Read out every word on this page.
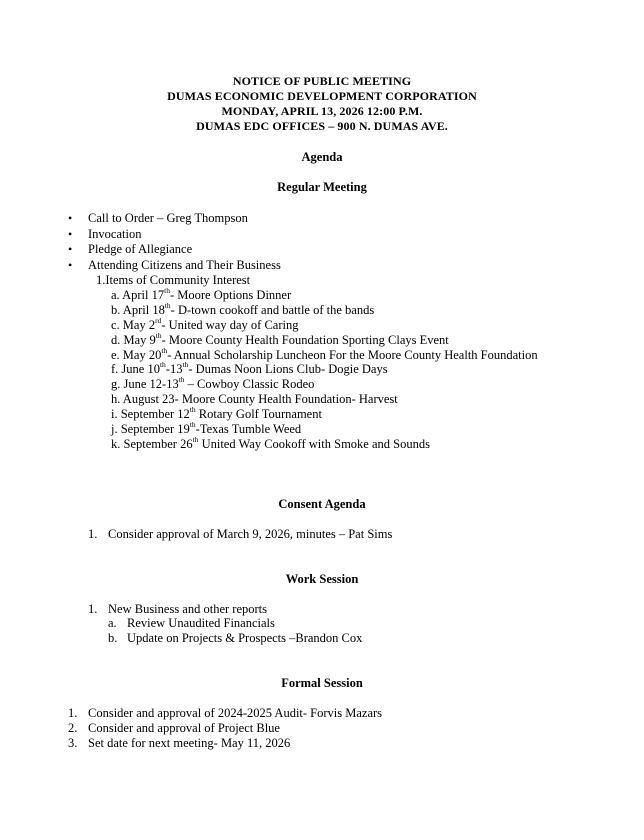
NOTICE OF PUBLIC MEETING
DUMAS ECONOMIC DEVELOPMENT CORPORATION
MONDAY, APRIL 13, 2026 12:00 P.M.
DUMAS EDC OFFICES – 900 N. DUMAS AVE.
Agenda
Regular Meeting
• Call to Order – Greg Thompson
• Invocation
• Pledge of Allegiance
• Attending Citizens and Their Business
1.Items of Community Interest
a. April 17th- Moore Options Dinner
b. April 18th- D-town cookoff and battle of the bands
c. May 2rd- United way day of Caring
d. May 9th- Moore County Health Foundation Sporting Clays Event
e. May 20th- Annual Scholarship Luncheon For the Moore County Health Foundation
f. June 10th-13th- Dumas Noon Lions Club- Dogie Days
g. June 12-13th – Cowboy Classic Rodeo
h. August 23- Moore County Health Foundation- Harvest
i. September 12th Rotary Golf Tournament
j. September 19th-Texas Tumble Weed
k. September 26th United Way Cookoff with Smoke and Sounds
Consent Agenda
1. Consider approval of March 9, 2026, minutes – Pat Sims
Work Session
1. New Business and other reports
a. Review Unaudited Financials
b. Update on Projects & Prospects –Brandon Cox
Formal Session
1. Consider and approval of 2024-2025 Audit- Forvis Mazars
2. Consider and approval of Project Blue
3. Set date for next meeting- May 11, 2026
